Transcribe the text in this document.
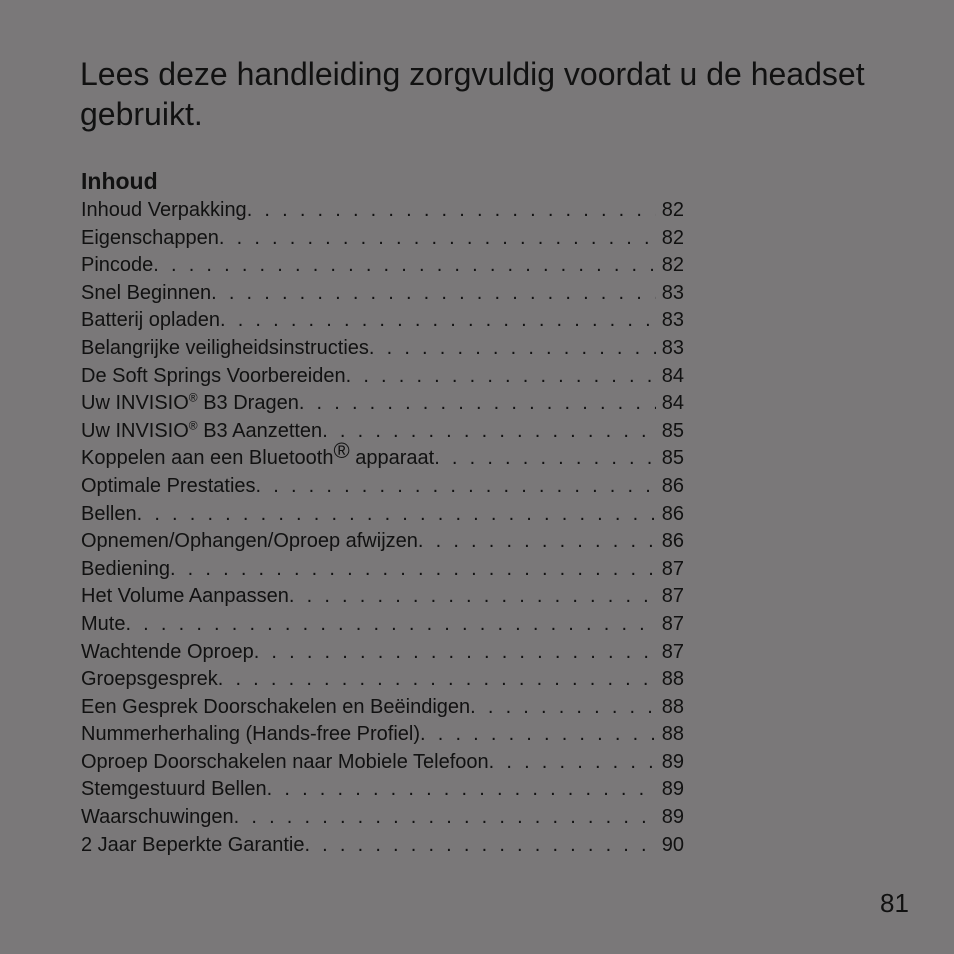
Lees deze handleiding zorgvuldig voordat u de headset gebruikt.
Inhoud
Inhoud Verpakking . . .	82
Eigenschappen . . .	82
Pincode . . .	82
Snel Beginnen . . .	83
Batterij opladen . . .	83
Belangrijke veiligheidsinstructies . . .	83
De Soft Springs Voorbereiden . . .	84
Uw INVISIO® B3 Dragen . . .	84
Uw INVISIO® B3 Aanzetten . . .	85
Koppelen aan een Bluetooth® apparaat . . .	85
Optimale Prestaties . . .	86
Bellen . . .	86
Opnemen/Ophangen/Oproep afwijzen . . .	86
Bediening . . .	87
Het Volume Aanpassen . . .	87
Mute . . .	87
Wachtende Oproep . . .	87
Groepsgesprek . . .	88
Een Gesprek Doorschakelen en Beëindigen . . .	88
Nummerherhaling (Hands-free Profiel) . . .	88
Oproep Doorschakelen naar Mobiele Telefoon . . .	89
Stemgestuurd Bellen . . .	89
Waarschuwingen . . .	89
2 Jaar Beperkte Garantie . . .	90
81
